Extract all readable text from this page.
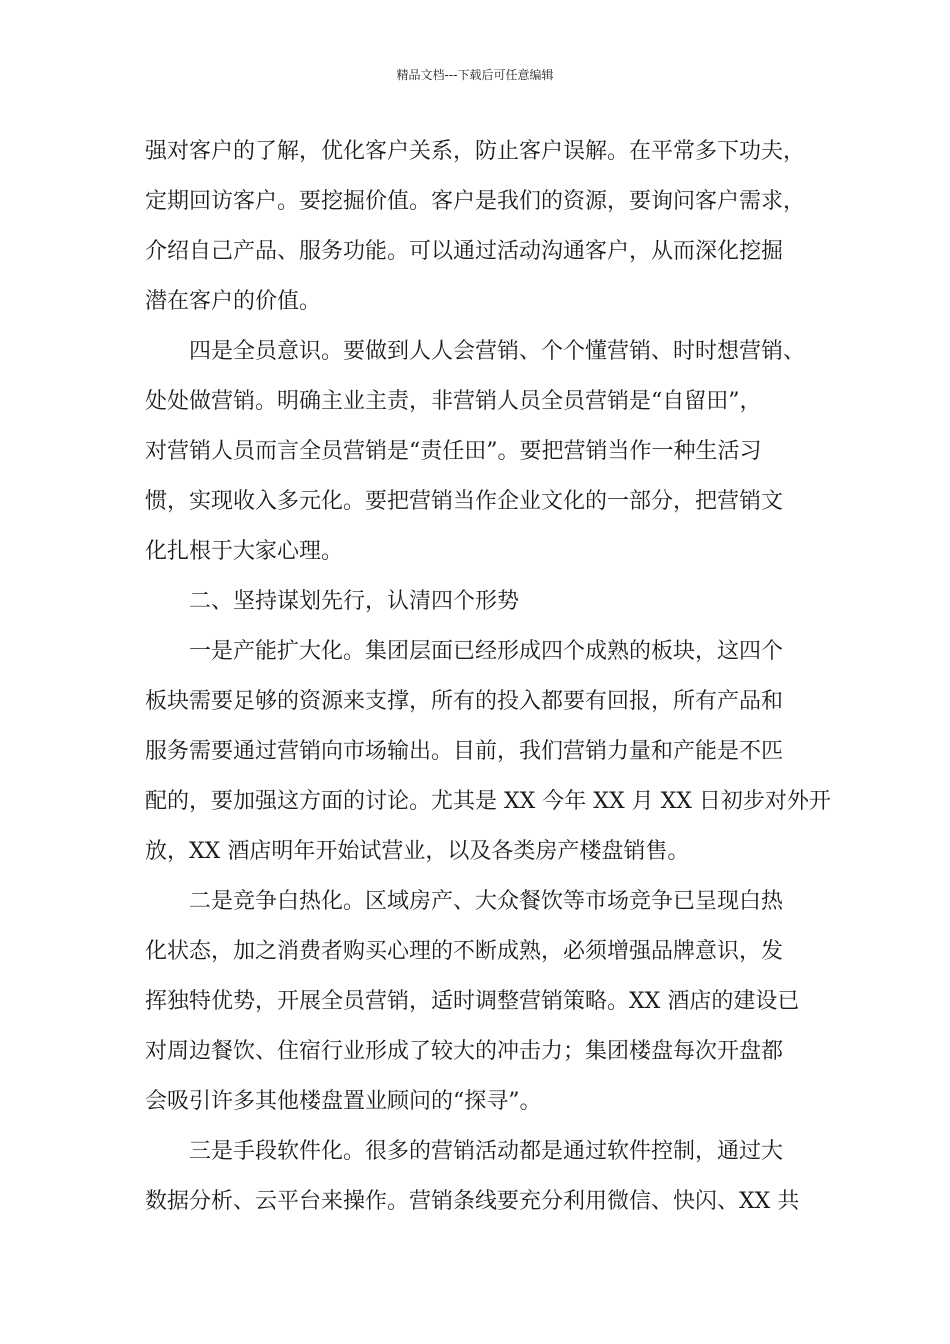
精品文档---下载后可任意编辑
强对客户的了解，优化客户关系，防止客户误解。在平常多下功夫，
定期回访客户。要挖掘价值。客户是我们的资源，要询问客户需求，
介绍自己产品、服务功能。可以通过活动沟通客户，从而深化挖掘
潜在客户的价值。
四是全员意识。要做到人人会营销、个个懂营销、时时想营销、
处处做营销。明确主业主责，非营销人员全员营销是“自留田”，
对营销人员而言全员营销是“责任田”。要把营销当作一种生活习
惯，实现收入多元化。要把营销当作企业文化的一部分，把营销文
化扎根于大家心理。
二、坚持谋划先行，认清四个形势
一是产能扩大化。集团层面已经形成四个成熟的板块，这四个
板块需要足够的资源来支撑，所有的投入都要有回报，所有产品和
服务需要通过营销向市场输出。目前，我们营销力量和产能是不匹
配的，要加强这方面的讨论。尤其是 XX 今年 XX 月 XX 日初步对外开
放，XX 酒店明年开始试营业，以及各类房产楼盘销售。
二是竞争白热化。区域房产、大众餐饮等市场竞争已呈现白热
化状态，加之消费者购买心理的不断成熟，必须增强品牌意识，发
挥独特优势，开展全员营销，适时调整营销策略。XX 酒店的建设已
对周边餐饮、住宿行业形成了较大的冲击力；集团楼盘每次开盘都
会吸引许多其他楼盘置业顾问的“探寻”。
三是手段软件化。很多的营销活动都是通过软件控制，通过大
数据分析、云平台来操作。营销条线要充分利用微信、快闪、XX 共
